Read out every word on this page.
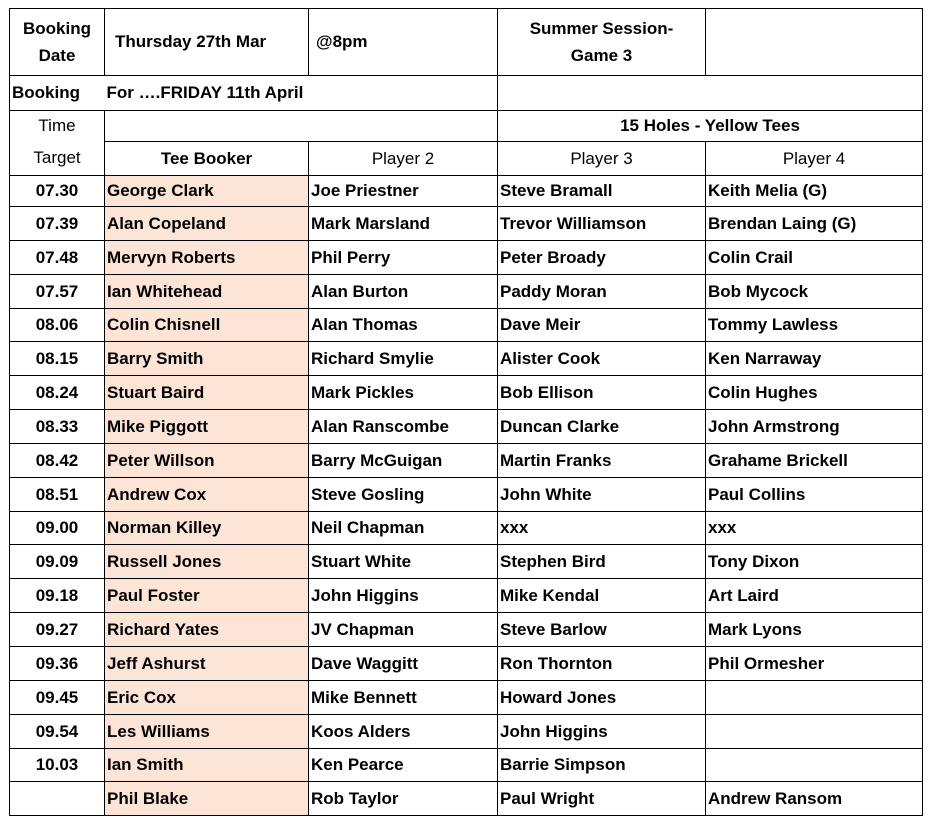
Booking Date	Thursday 27th Mar	@8pm	Summer Session- Game 3	
Booking	For ….FRIDAY 11th April			
Time			15 Holes - Yellow Tees	
Target	Tee Booker	Player 2	Player 3	Player 4
07.30	George Clark	Joe Priestner	Steve Bramall	Keith Melia (G)
07.39	Alan Copeland	Mark Marsland	Trevor Williamson	Brendan Laing (G)
07.48	Mervyn Roberts	Phil Perry	Peter Broady	Colin Crail
07.57	Ian Whitehead	Alan Burton	Paddy Moran	Bob Mycock
08.06	Colin Chisnell	Alan Thomas	Dave Meir	Tommy Lawless
08.15	Barry Smith	Richard Smylie	Alister Cook	Ken Narraway
08.24	Stuart Baird	Mark Pickles	Bob Ellison	Colin Hughes
08.33	Mike Piggott	Alan Ranscombe	Duncan Clarke	John Armstrong
08.42	Peter Willson	Barry McGuigan	Martin Franks	Grahame Brickell
08.51	Andrew Cox	Steve Gosling	John White	Paul Collins
09.00	Norman Killey	Neil Chapman	xxx	xxx
09.09	Russell Jones	Stuart White	Stephen Bird	Tony Dixon
09.18	Paul Foster	John Higgins	Mike Kendal	Art Laird
09.27	Richard Yates	JV Chapman	Steve Barlow	Mark Lyons
09.36	Jeff Ashurst	Dave Waggitt	Ron Thornton	Phil Ormesher
09.45	Eric Cox	Mike Bennett	Howard Jones	
09.54	Les Williams	Koos Alders	John Higgins	
10.03	Ian Smith	Ken Pearce	Barrie Simpson	
	Phil Blake	Rob Taylor	Paul Wright	Andrew Ransom
